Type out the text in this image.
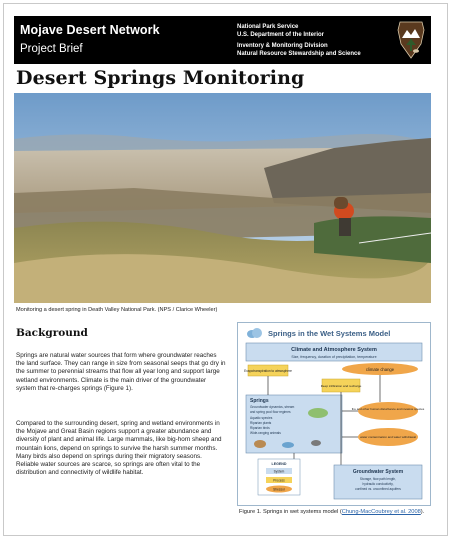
Mojave Desert Network
Project Brief
National Park Service
U.S. Department of the Interior
Inventory & Monitoring Division
Natural Resource Stewardship and Science
Desert Springs Monitoring
Monitoring a desert spring in Death Valley National Park. (NPS / Clarice Wheeler)
Background
Springs are natural water sources that form where groundwater reaches the land surface. They can range in size from seasonal seeps that go dry in the summer to perennial streams that flow all year long and support large wetland environments. Climate is the main driver of the groundwater system that re-charges springs (Figure 1).
Compared to the surrounding desert, spring and wetland environments in the Mojave and Great Basin regions support a greater abundance and diversity of plant and animal life. Large mammals, like big-horn sheep and mountain lions, depend on springs to survive the harsh summer months. Many birds also depend on springs during their migratory seasons. Reliable water sources are scarce, so springs are often vital to the distribution and connectivity of wildlife habitat.
Springs in the Wet Systems Model
Climate and Atmosphere System
Size, frequency, duration of precipitation, temperature
Evapotranspiration to atmosphere	climate change
Deep infiltration and recharge
Springs
Groundwater dynamics, stream
and spring pool flow regimes
Aquatic species
Riparian plants
Riparian birds
Wide-ranging animals
fire and other human disturbance and invasive species
water contamination and water withdrawal
LEGEND
System
Process
Stressor
Groundwater System
Storage, flow path length,
hydraulic conductivity,
confined vs. unconfined aquifers
Figure 1. Springs in wet systems model (Chung-MacCoubrey et al. 2008).
